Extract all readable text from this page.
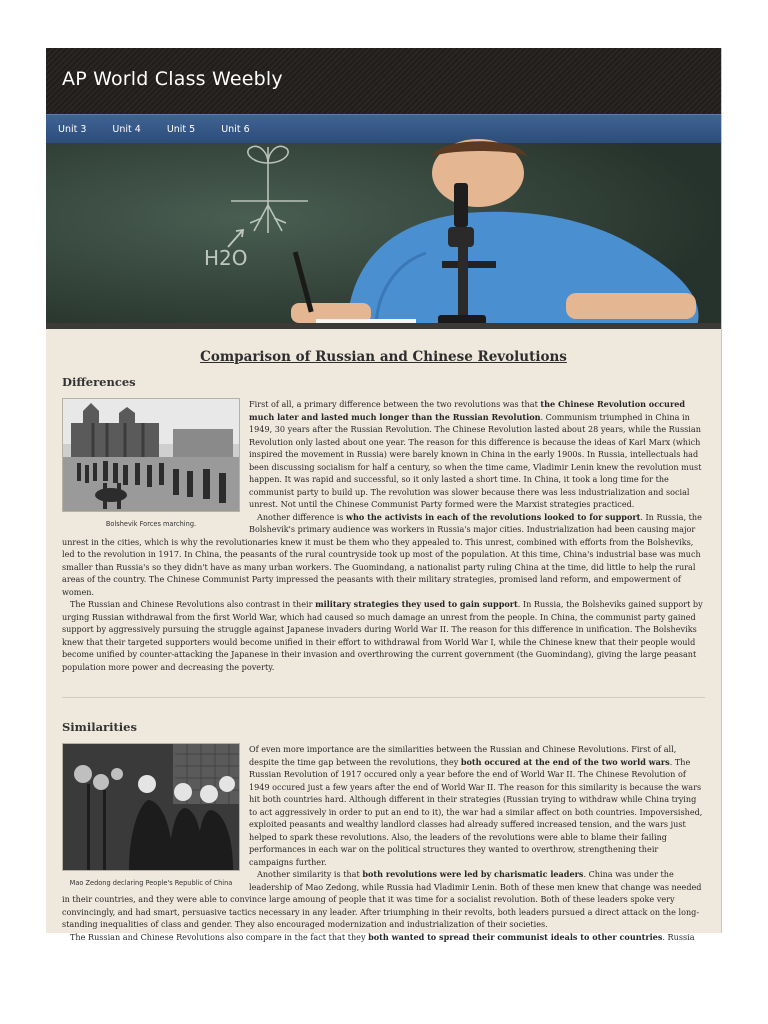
AP World Class Weebly
Unit 3	Unit 4	Unit 5	Unit 6
H2O
Comparison of Russian and Chinese Revolutions
Differences
Bolshevik Forces marching.

First of all, a primary difference between the two revolutions was that the Chinese Revolution occured much later and lasted much longer than the Russian Revolution. Communism triumphed in China in 1949, 30 years after the Russian Revolution. The Chinese Revolution lasted about 28 years, while the Russian Revolution only lasted about one year. The reason for this difference is because the ideas of Karl Marx (which inspired the movement in Russia) were barely known in China in the early 1900s. In Russia, intellectuals had been discussing socialism for half a century, so when the time came, Vladimir Lenin knew the revolution must happen. It was rapid and successful, so it only lasted a short time. In China, it took a long time for the communist party to build up. The revolution was slower because there was less industrialization and social unrest. Not until the Chinese Communist Party formed were the Marxist strategies practiced.

Another difference is who the activists in each of the revolutions looked to for support. In Russia, the Bolshevik's primary audience was workers in Russia's major cities. Industrialization had been causing major unrest in the cities, which is why the revolutionaries knew it must be them who they appealed to. This unrest, combined with efforts from the Bolsheviks, led to the revolution in 1917. In China, the peasants of the rural countryside took up most of the population. At this time, China's industrial base was much smaller than Russia's so they didn't have as many urban workers. The Guomindang, a nationalist party ruling China at the time, did little to help the rural areas of the country. The Chinese Communist Party impressed the peasants with their military strategies, promised land reform, and empowerment of women.

The Russian and Chinese Revolutions also contrast in their military strategies they used to gain support. In Russia, the Bolsheviks gained support by urging Russian withdrawal from the first World War, which had caused so much damage an unrest from the people. In China, the communist party gained support by aggressively pursuing the struggle against Japanese invaders during World War II. The reason for this difference in unification. The Bolsheviks knew that their targeted supporters would become unified in their effort to withdrawal from World War I, while the Chinese knew that their people would become unified by counter-attacking the Japanese in their invasion and overthrowing the current government (the Guomindang), giving the large peasant population more power and decreasing the poverty.

Similarities
Mao Zedong declaring People's Republic of China

Of even more importance are the similarities between the Russian and Chinese Revolutions. First of all, despite the time gap between the revolutions, they both occured at the end of the two world wars. The Russian Revolution of 1917 occured only a year before the end of World War II. The Chinese Revolution of 1949 occured just a few years after the end of World War II. The reason for this similarity is because the wars hit both countries hard. Although different in their strategies (Russian trying to withdraw while China trying to act aggressively in order to put an end to it), the war had a similar affect on both countries. Impoversished, exploited peasants and wealthy landlord classes had already suffered increased tension, and the wars just helped to spark these revolutions. Also, the leaders of the revolutions were able to blame their failing performances in each war on the political structures they wanted to overthrow, strengthening their campaigns further.

Another similarity is that both revolutions were led by charismatic leaders. China was under the leadership of Mao Zedong, while Russia had Vladimir Lenin. Both of these men knew that change was needed in their countries, and they were able to convince large amoung of people that it was time for a socialist revolution. Both of these leaders spoke very convincingly, and had smart, persuasive tactics necessary in any leader. After triumphing in their revolts, both leaders pursued a direct attack on the long-standing inequalities of class and gender. They also encouraged modernization and industrialization of their societies.

The Russian and Chinese Revolutions also compare in the fact that they both wanted to spread their communist ideals to other countries. Russia
